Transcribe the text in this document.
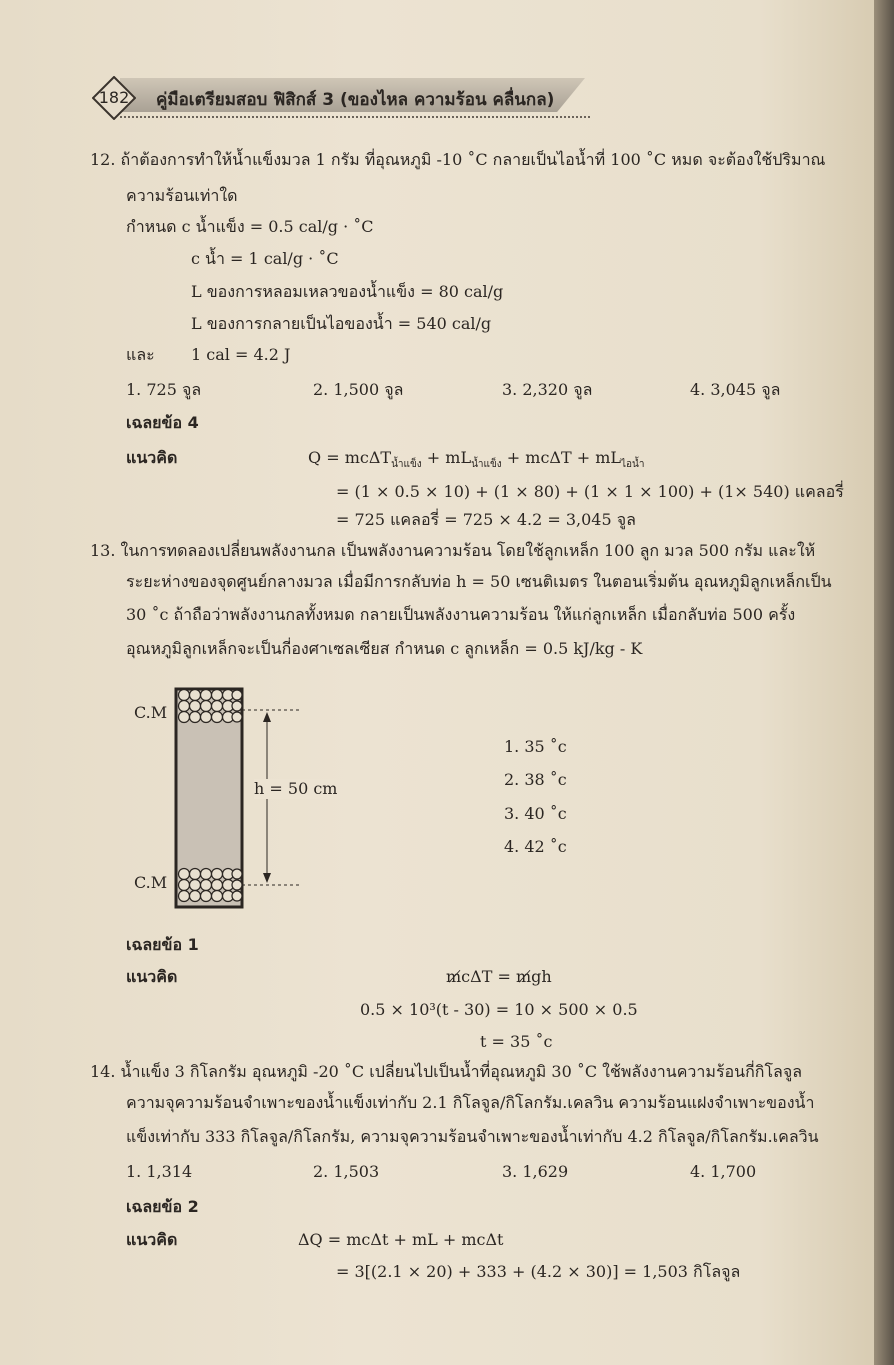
182 คู่มือเตรียมสอบ ฟิสิกส์ 3 (ของไหล ความร้อน คลื่นกล)
12. ถ้าต้องการทำให้น้ำแข็งมวล 1 กรัม ที่อุณหภูมิ -10 ˚C กลายเป็นไอน้ำที่ 100 ˚C หมด จะต้องใช้ปริมาณ
ความร้อนเท่าใด
กำหนด c น้ำแข็ง = 0.5 cal/g · ˚C
c น้ำ = 1 cal/g · ˚C
L ของการหลอมเหลวของน้ำแข็ง = 80 cal/g
L ของการกลายเป็นไอของน้ำ = 540 cal/g
และ 1 cal = 4.2 J
1. 725 จูล	2. 1,500 จูล	3. 2,320 จูล	4. 3,045 จูล
เฉลยข้อ 4
แนวคิด	$Q = mc\Delta T_{น้ำแข็ง} + mL_{น้ำแข็ง} + mc\Delta T + mL_{ไอน้ำ}$
= (1 × 0.5 × 10) + (1 × 80) + (1 × 1 × 100) + (1× 540) แคลอรี่
= 725 แคลอรี่ = 725 × 4.2 = 3,045 จูล
13. ในการทดลองเปลี่ยนพลังงานกล เป็นพลังงานความร้อน โดยใช้ลูกเหล็ก 100 ลูก มวล 500 กรัม และให้
ระยะห่างของจุดศูนย์กลางมวล เมื่อมีการกลับท่อ h = 50 เซนติเมตร ในตอนเริ่มต้น อุณหภูมิลูกเหล็กเป็น
30 ˚c ถ้าถือว่าพลังงานกลทั้งหมด กลายเป็นพลังงานความร้อน ให้แก่ลูกเหล็ก เมื่อกลับท่อ 500 ครั้ง
อุณหภูมิลูกเหล็กจะเป็นกี่องศาเซลเซียส กำหนด c ลูกเหล็ก = 0.5 kJ/kg - K
C.M
C.M
h = 50 cm
1. 35 ˚c
2. 38 ˚c
3. 40 ˚c
4. 42 ˚c
เฉลยข้อ 1
แนวคิด	m̸cΔT = m̸gh
0.5 × 10³(t - 30) = 10 × 500 × 0.5
t = 35 ˚c
14. น้ำแข็ง 3 กิโลกรัม อุณหภูมิ -20 ˚C เปลี่ยนไปเป็นน้ำที่อุณหภูมิ 30 ˚C ใช้พลังงานความร้อนกี่กิโลจูล
ความจุความร้อนจำเพาะของน้ำแข็งเท่ากับ 2.1 กิโลจูล/กิโลกรัม.เคลวิน ความร้อนแฝงจำเพาะของน้ำ
แข็งเท่ากับ 333 กิโลจูล/กิโลกรัม, ความจุความร้อนจำเพาะของน้ำเท่ากับ 4.2 กิโลจูล/กิโลกรัม.เคลวิน
1. 1,314	2. 1,503	3. 1,629	4. 1,700
เฉลยข้อ 2
แนวคิด	ΔQ = mcΔt + mL + mcΔt
= 3[(2.1 × 20) + 333 + (4.2 × 30)] = 1,503 กิโลจูล
